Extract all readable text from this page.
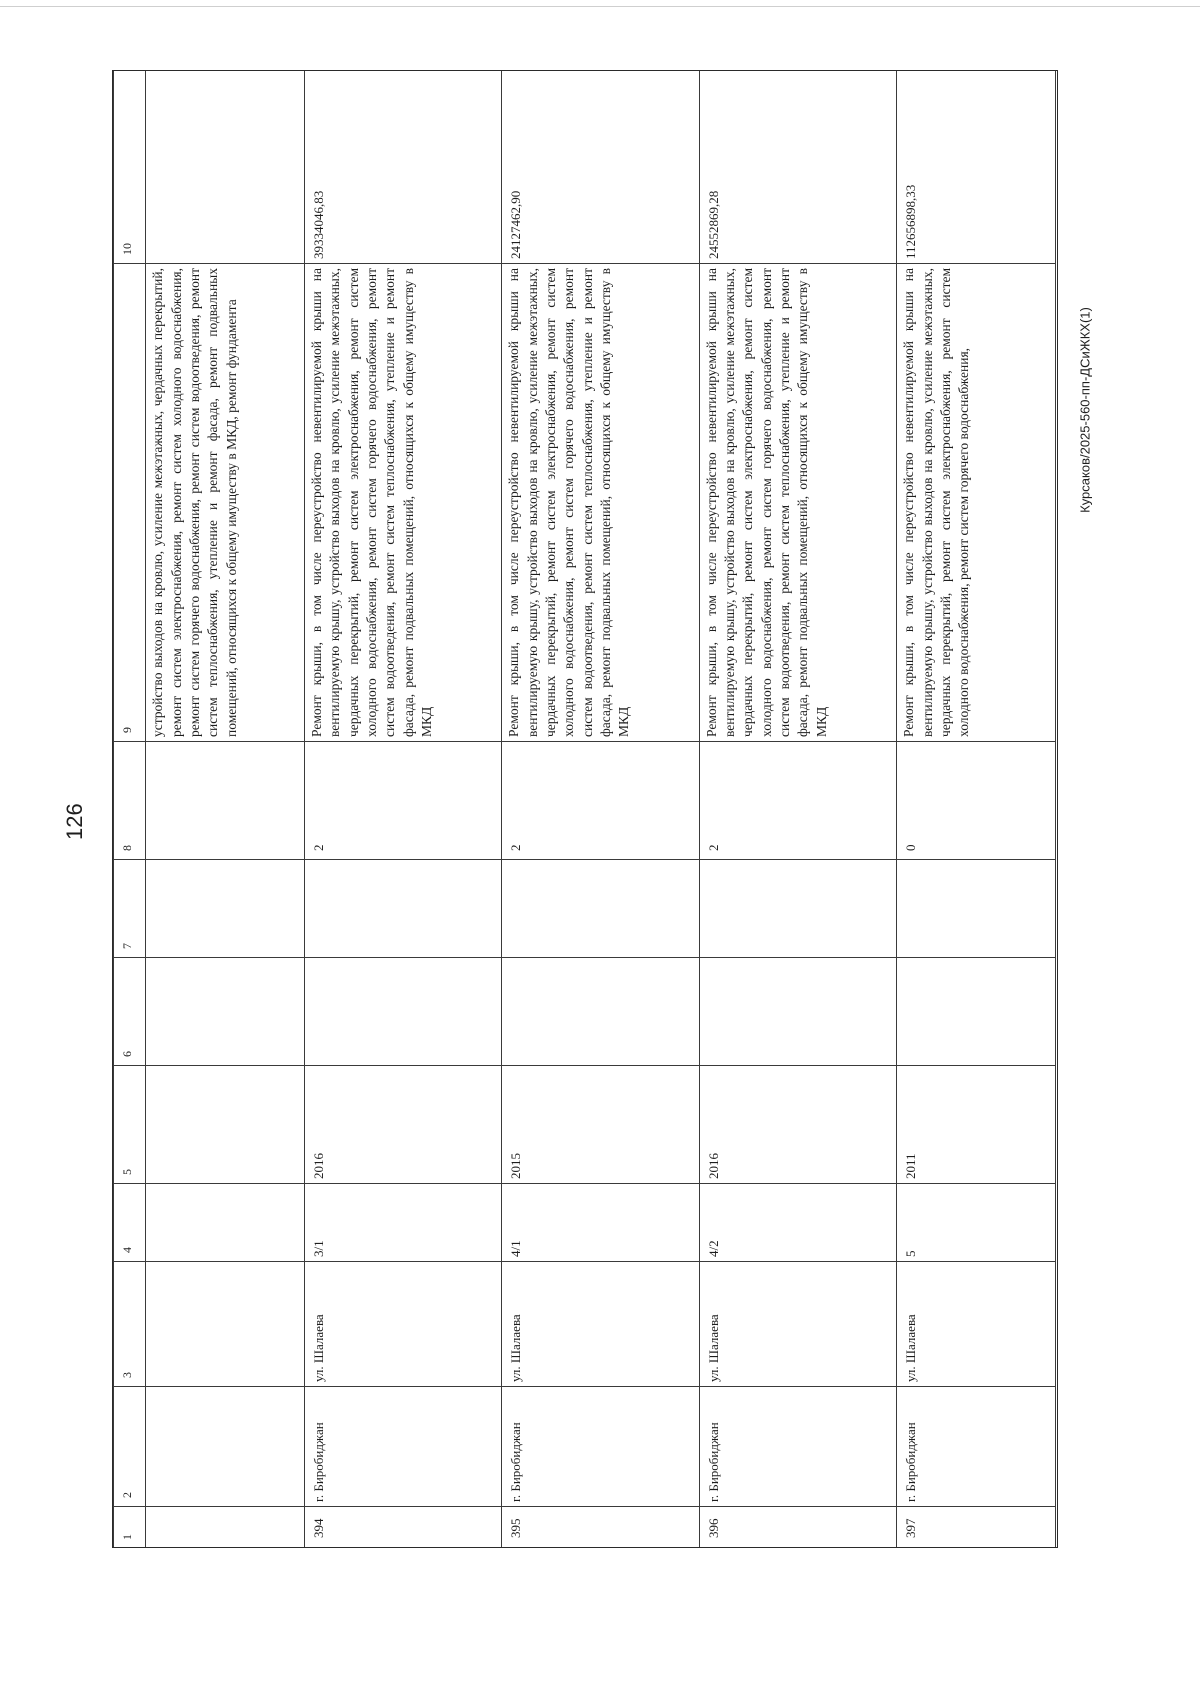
126
Курсаков/2025-560-пп-ДСиЖКХ(1)
1	2	3	4	5	6	7	8	9	10
								устройство выходов на кровлю, усиление межэтажных, чердачных перекрытий, ремонт систем электроснабжения, ремонт систем холодного водоснабжения, ремонт систем горячего водоснабжения, ремонт систем водоотведения, ремонт систем теплоснабжения, утепление и ремонт фасада, ремонт подвальных помещений, относящихся к общему имуществу в МКД, ремонт фундамента	
394	г. Биробиджан	ул. Шалаева	3/1	2016			2	Ремонт крыши, в том числе переустройство невентилируемой крыши на вентилируемую крышу, устройство выходов на кровлю, усиление межэтажных, чердачных перекрытий, ремонт систем электроснабжения, ремонт систем холодного водоснабжения, ремонт систем горячего водоснабжения, ремонт систем водоотведения, ремонт систем теплоснабжения, утепление и ремонт фасада, ремонт подвальных помещений, относящихся к общему имуществу в МКД	39334046,83
395	г. Биробиджан	ул. Шалаева	4/1	2015			2	Ремонт крыши, в том числе переустройство невентилируемой крыши на вентилируемую крышу, устройство выходов на кровлю, усиление межэтажных, чердачных перекрытий, ремонт систем электроснабжения, ремонт систем холодного водоснабжения, ремонт систем горячего водоснабжения, ремонт систем водоотведения, ремонт систем теплоснабжения, утепление и ремонт фасада, ремонт подвальных помещений, относящихся к общему имуществу в МКД	24127462,90
396	г. Биробиджан	ул. Шалаева	4/2	2016			2	Ремонт крыши, в том числе переустройство невентилируемой крыши на вентилируемую крышу, устройство выходов на кровлю, усиление межэтажных, чердачных перекрытий, ремонт систем электроснабжения, ремонт систем холодного водоснабжения, ремонт систем горячего водоснабжения, ремонт систем водоотведения, ремонт систем теплоснабжения, утепление и ремонт фасада, ремонт подвальных помещений, относящихся к общему имуществу в МКД	24552869,28
397	г. Биробиджан	ул. Шалаева	5	2011			0	Ремонт крыши, в том числе переустройство невентилируемой крыши на вентилируемую крышу, устройство выходов на кровлю, усиление межэтажных, чердачных перекрытий, ремонт систем электроснабжения, ремонт систем холодного водоснабжения, ремонт систем горячего водоснабжения,	112656898,33
